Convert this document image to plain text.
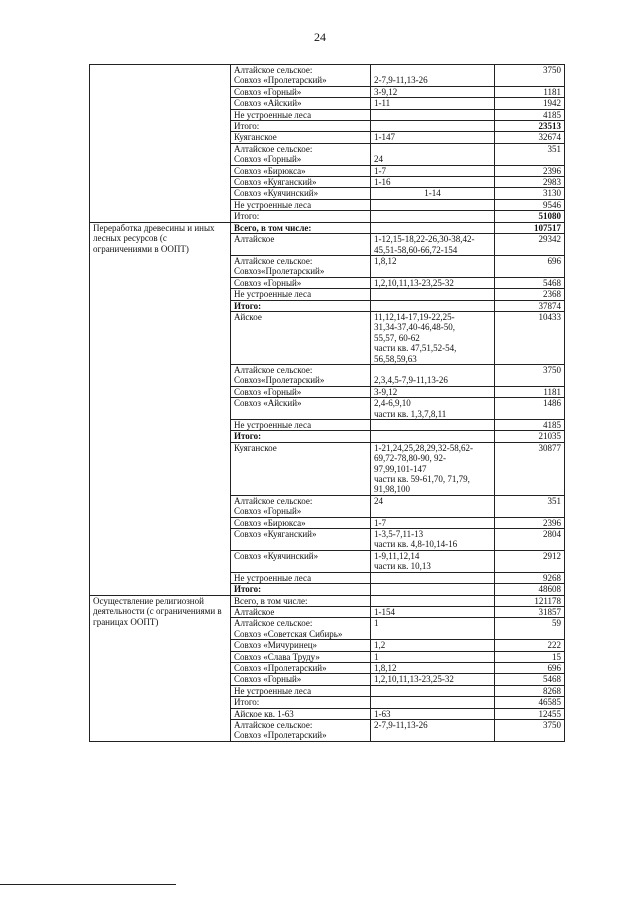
24

	Алтайское сельское:
Совхоз «Пролетарский»	2-7,9-11,13-26	3750

	Совхоз «Горный»	3-9,12	1181

	Совхоз «Айский»	1-11	1942

	Не устроенные леса		4185

	Итого:		23513

	Куяганское	1-147	32674

	Алтайское сельское:
Совхоз «Горный»	24	351

	Совхоз «Бирюкса»	1-7	2396

	Совхоз «Куяганский»	1-16	2983

	Совхоз «Куячинский»	1-14	3130

	Не устроенные леса		9546

	Итого:		51080
Переработка древесины и иных лесных ресурсов (с ограничениями в ООПТ)	Всего, в том числе:		107517

	Алтайское	1-12,15-18,22-26,30-38,42-
45,51-58,60-66,72-154	29342

	Алтайское сельское:
Совхоз«Пролетарский»	1,8,12	696

	Совхоз «Горный»	1,2,10,11,13-23,25-32	5468

	Не устроенные леса		2368

	Итого:		37874

	Айское	11,12,14-17,19-22,25-
31,34-37,40-46,48-50,
55,57, 60-62
части кв. 47,51,52-54,
56,58,59,63	10433

	Алтайское сельское:
Совхоз«Пролетарский»	2,3,4,5-7,9-11,13-26	3750

	Совхоз «Горный»	3-9,12	1181

	Совхоз «Айский»	2,4-6,9,10
части кв. 1,3,7,8,11	1486

	Не устроенные леса		4185

	Итого:		21035

	Куяганское	1-21,24,25,28,29,32-58,62-
69,72-78,80-90, 92-
97,99,101-147
части кв. 59-61,70, 71,79,
91,98,100	30877

	Алтайское сельское:
Совхоз «Горный»	24	351

	Совхоз «Бирюкса»	1-7	2396

	Совхоз «Куяганский»	1-3,5-7,11-13
части кв. 4,8-10,14-16	2804

	Совхоз «Куячинский»	1-9,11,12,14
части кв. 10,13	2912

	Не устроенные леса		9268

	Итого:		48608
Осуществление религиозной деятельности (с ограничениями в границах ООПТ)	Всего, в том числе:		121178

	Алтайское	1-154	31857

	Алтайское сельское:
Совхоз «Советская Сибирь»	1	59

	Совхоз «Мичуринец»	1,2	222

	Совхоз «Слава Труду»	1	15

	Совхоз «Пролетарский»	1,8,12	696

	Совхоз «Горный»	1,2,10,11,13-23,25-32	5468

	Не устроенные леса		8268

	Итого:		46585

	Айское кв. 1-63	1-63	12455

	Алтайское сельское:
Совхоз «Пролетарский»	2-7,9-11,13-26	3750
